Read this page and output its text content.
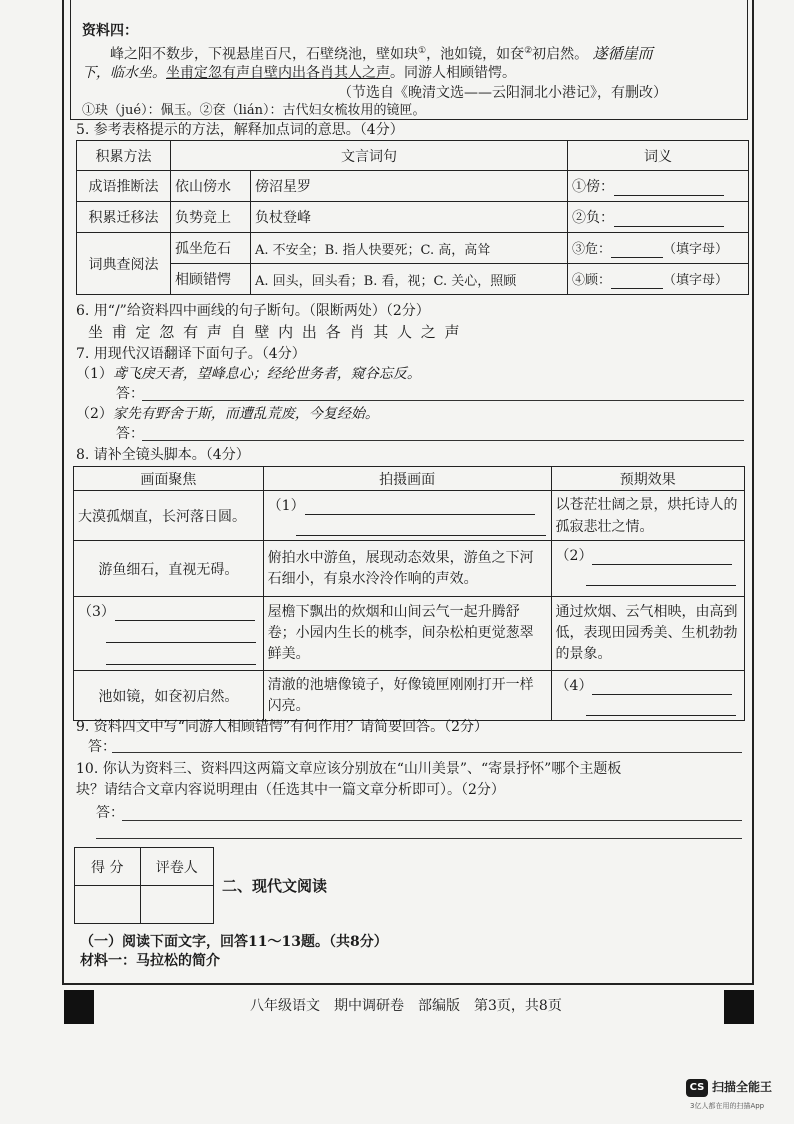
资料四：
峰之阳不数步，下视悬崖百尺，石壁绕池，壁如玦①，池如镜，如奁②初启然。 遂循崖而
下，临水坐。坐甫定忽有声自壁内出各肖其人之声。同游人相顾错愕。
（节选自《晚清文选——云阳洞北小港记》，有删改）
①玦（jué）：佩玉。②奁（lián）：古代妇女梳妆用的镜匣。
5. 参考表格提示的方法，解释加点词的意思。（4分）
积累方法	文言词句		词义
成语推断法	依山傍水	傍沼星罗	①傍：
积累迁移法	负势竞上	负杖登峰	②负：
词典查阅法	孤坐危石	A. 不安全；B. 指人快要死；C. 高，高耸	③危： （填字母）
	相顾错愕	A. 回头，回头看；B. 看，视；C. 关心，照顾	④顾： （填字母）
6. 用“/”给资料四中画线的句子断句。（限断两处）（2分）
坐 甫 定 忽 有 声 自 壁 内 出 各 肖 其 人 之 声
7. 用现代汉语翻译下面句子。（4分）
（1）鸢飞戾天者，望峰息心；经纶世务者，窥谷忘反。
答：
（2）家先有野舍于斯，而遭乱荒废，今复经始。
答：
8. 请补全镜头脚本。（4分）
画面聚焦	拍摄画面	预期效果
大漠孤烟直，长河落日圆。	（1）	以苍茫壮阔之景，烘托诗人的孤寂悲壮之情。
游鱼细石，直视无碍。	俯拍水中游鱼，展现动态效果，游鱼之下河石细小，有泉水泠泠作响的声效。	（2）

（3）	屋檐下飘出的炊烟和山间云气一起升腾舒卷；小园内生长的桃李，间杂松柏更觉葱翠鲜美。	通过炊烟、云气相映，由高到低，表现田园秀美、生机勃勃的景象。
池如镜，如奁初启然。	清澈的池塘像镜子，好像镜匣刚刚打开一样闪亮。	（4）

9. 资料四文中写“同游人相顾错愕”有何作用？请简要回答。（2分）
答：
10. 你认为资料三、资料四这两篇文章应该分别放在“山川美景”、“寄景抒怀”哪个主题板
块？请结合文章内容说明理由（任选其中一篇文章分析即可）。（2分）
答：
得 分	评卷人

二、现代文阅读
（一）阅读下面文字，回答11～13题。（共8分）
材料一：马拉松的简介
八年级语文　期中调研卷　部编版　第3页，共8页
CS 扫描全能王
3亿人都在用的扫描App
